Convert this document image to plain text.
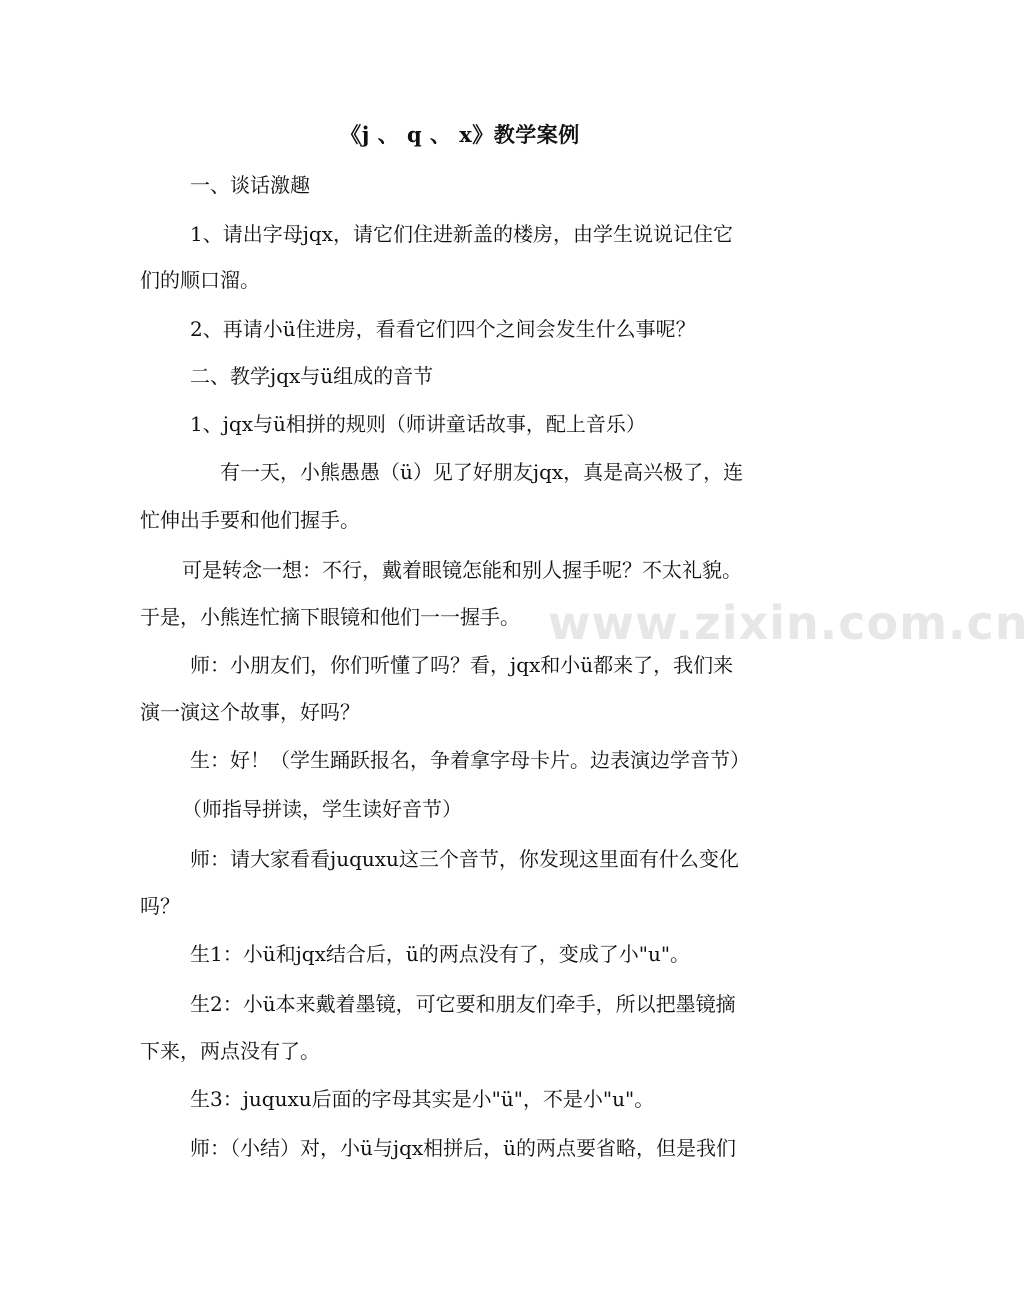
《j 、 q 、 x》教学案例
一、谈话激趣
1、请出字母jqx，请它们住进新盖的楼房，由学生说说记住它
们的顺口溜。
2、再请小ü住进房，看看它们四个之间会发生什么事呢？
二、教学jqx与ü组成的音节
1、jqx与ü相拼的规则（师讲童话故事，配上音乐）
有一天，小熊愚愚（ü）见了好朋友jqx，真是高兴极了，连
忙伸出手要和他们握手。
可是转念一想：不行，戴着眼镜怎能和别人握手呢？不太礼貌。
于是，小熊连忙摘下眼镜和他们一一握手。
师：小朋友们，你们听懂了吗？看，jqx和小ü都来了，我们来
演一演这个故事，好吗？
生：好！（学生踊跃报名，争着拿字母卡片。边表演边学音节）
（师指导拼读，学生读好音节）
师：请大家看看juquxu这三个音节，你发现这里面有什么变化
吗？
生1：小ü和jqx结合后，ü的两点没有了，变成了小"u"。
生2：小ü本来戴着墨镜，可它要和朋友们牵手，所以把墨镜摘
下来，两点没有了。
生3：juquxu后面的字母其实是小"ü"，不是小"u"。
师：（小结）对，小ü与jqx相拼后，ü的两点要省略，但是我们
www.zixin.com.cn
